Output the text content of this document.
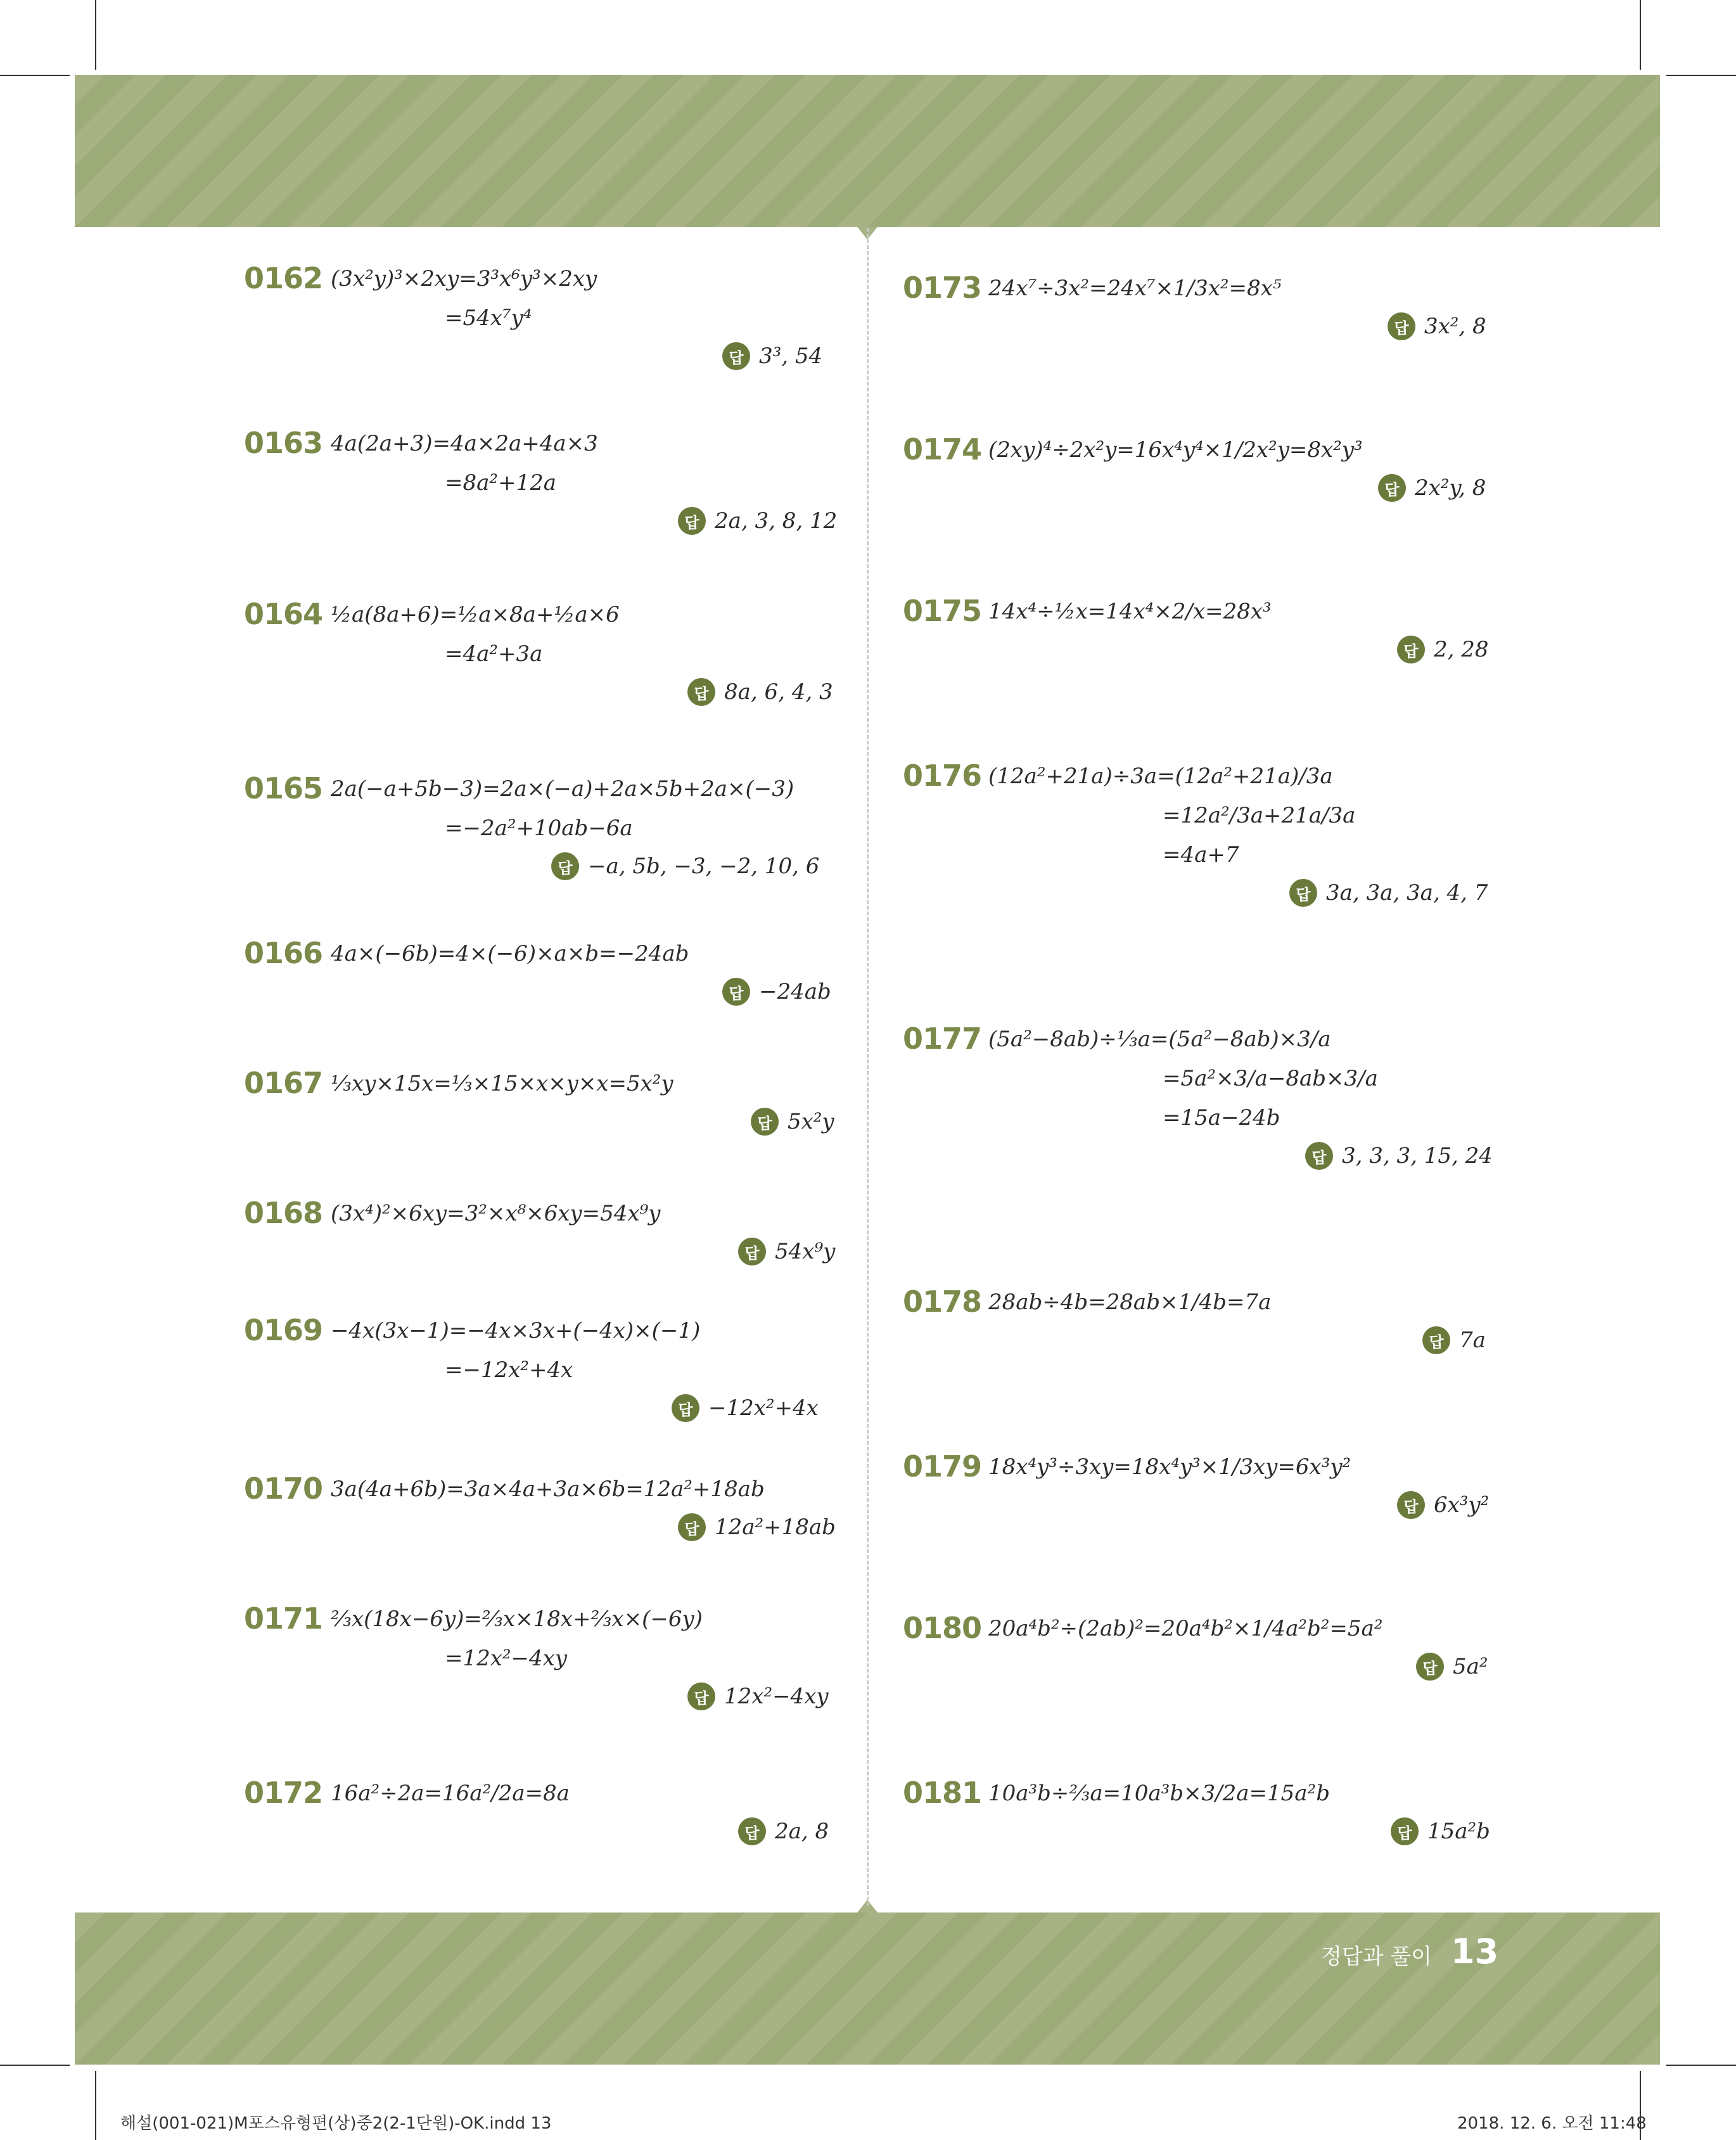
0162 (3x²y)³×2xy=3³x⁶y³×2xy
=54x⁷y⁴
답 3³, 54
0163 4a(2a+3)=4a×2a+4a×3
=8a²+12a
답 2a, 3, 8, 12
0164 ½a(8a+6)=½a×8a+½a×6
=4a²+3a
답 8a, 6, 4, 3
0165 2a(−a+5b−3)=2a×(−a)+2a×5b+2a×(−3)
=−2a²+10ab−6a
답 −a, 5b, −3, −2, 10, 6
0166 4a×(−6b)=4×(−6)×a×b=−24ab
답 −24ab
0167 ⅓xy×15x=⅓×15×x×y×x=5x²y
답 5x²y
0168 (3x⁴)²×6xy=3²×x⁸×6xy=54x⁹y
답 54x⁹y
0169 −4x(3x−1)=−4x×3x+(−4x)×(−1)
=−12x²+4x
답 −12x²+4x
0170 3a(4a+6b)=3a×4a+3a×6b=12a²+18ab
답 12a²+18ab
0171 ⅔x(18x−6y)=⅔x×18x+⅔x×(−6y)
=12x²−4xy
답 12x²−4xy
0172 16a²÷2a=16a²/2a=8a
답 2a, 8
0173 24x⁷÷3x²=24x⁷×1/3x²=8x⁵
답 3x², 8
0174 (2xy)⁴÷2x²y=16x⁴y⁴×1/2x²y=8x²y³
답 2x²y, 8
0175 14x⁴÷½x=14x⁴×2/x=28x³
답 2, 28
0176 (12a²+21a)÷3a=(12a²+21a)/3a
=12a²/3a+21a/3a
=4a+7
답 3a, 3a, 3a, 4, 7
0177 (5a²−8ab)÷⅓a=(5a²−8ab)×3/a
=5a²×3/a−8ab×3/a
=15a−24b
답 3, 3, 3, 15, 24
0178 28ab÷4b=28ab×1/4b=7a
답 7a
0179 18x⁴y³÷3xy=18x⁴y³×1/3xy=6x³y²
답 6x³y²
0180 20a⁴b²÷(2ab)²=20a⁴b²×1/4a²b²=5a²
답 5a²
0181 10a³b÷⅔a=10a³b×3/2a=15a²b
답 15a²b
정답과 풀이 13
해설(001-021)M포스유형편(상)중2(2-1단원)-OK.indd 13	2018. 12. 6. 오전 11:48
